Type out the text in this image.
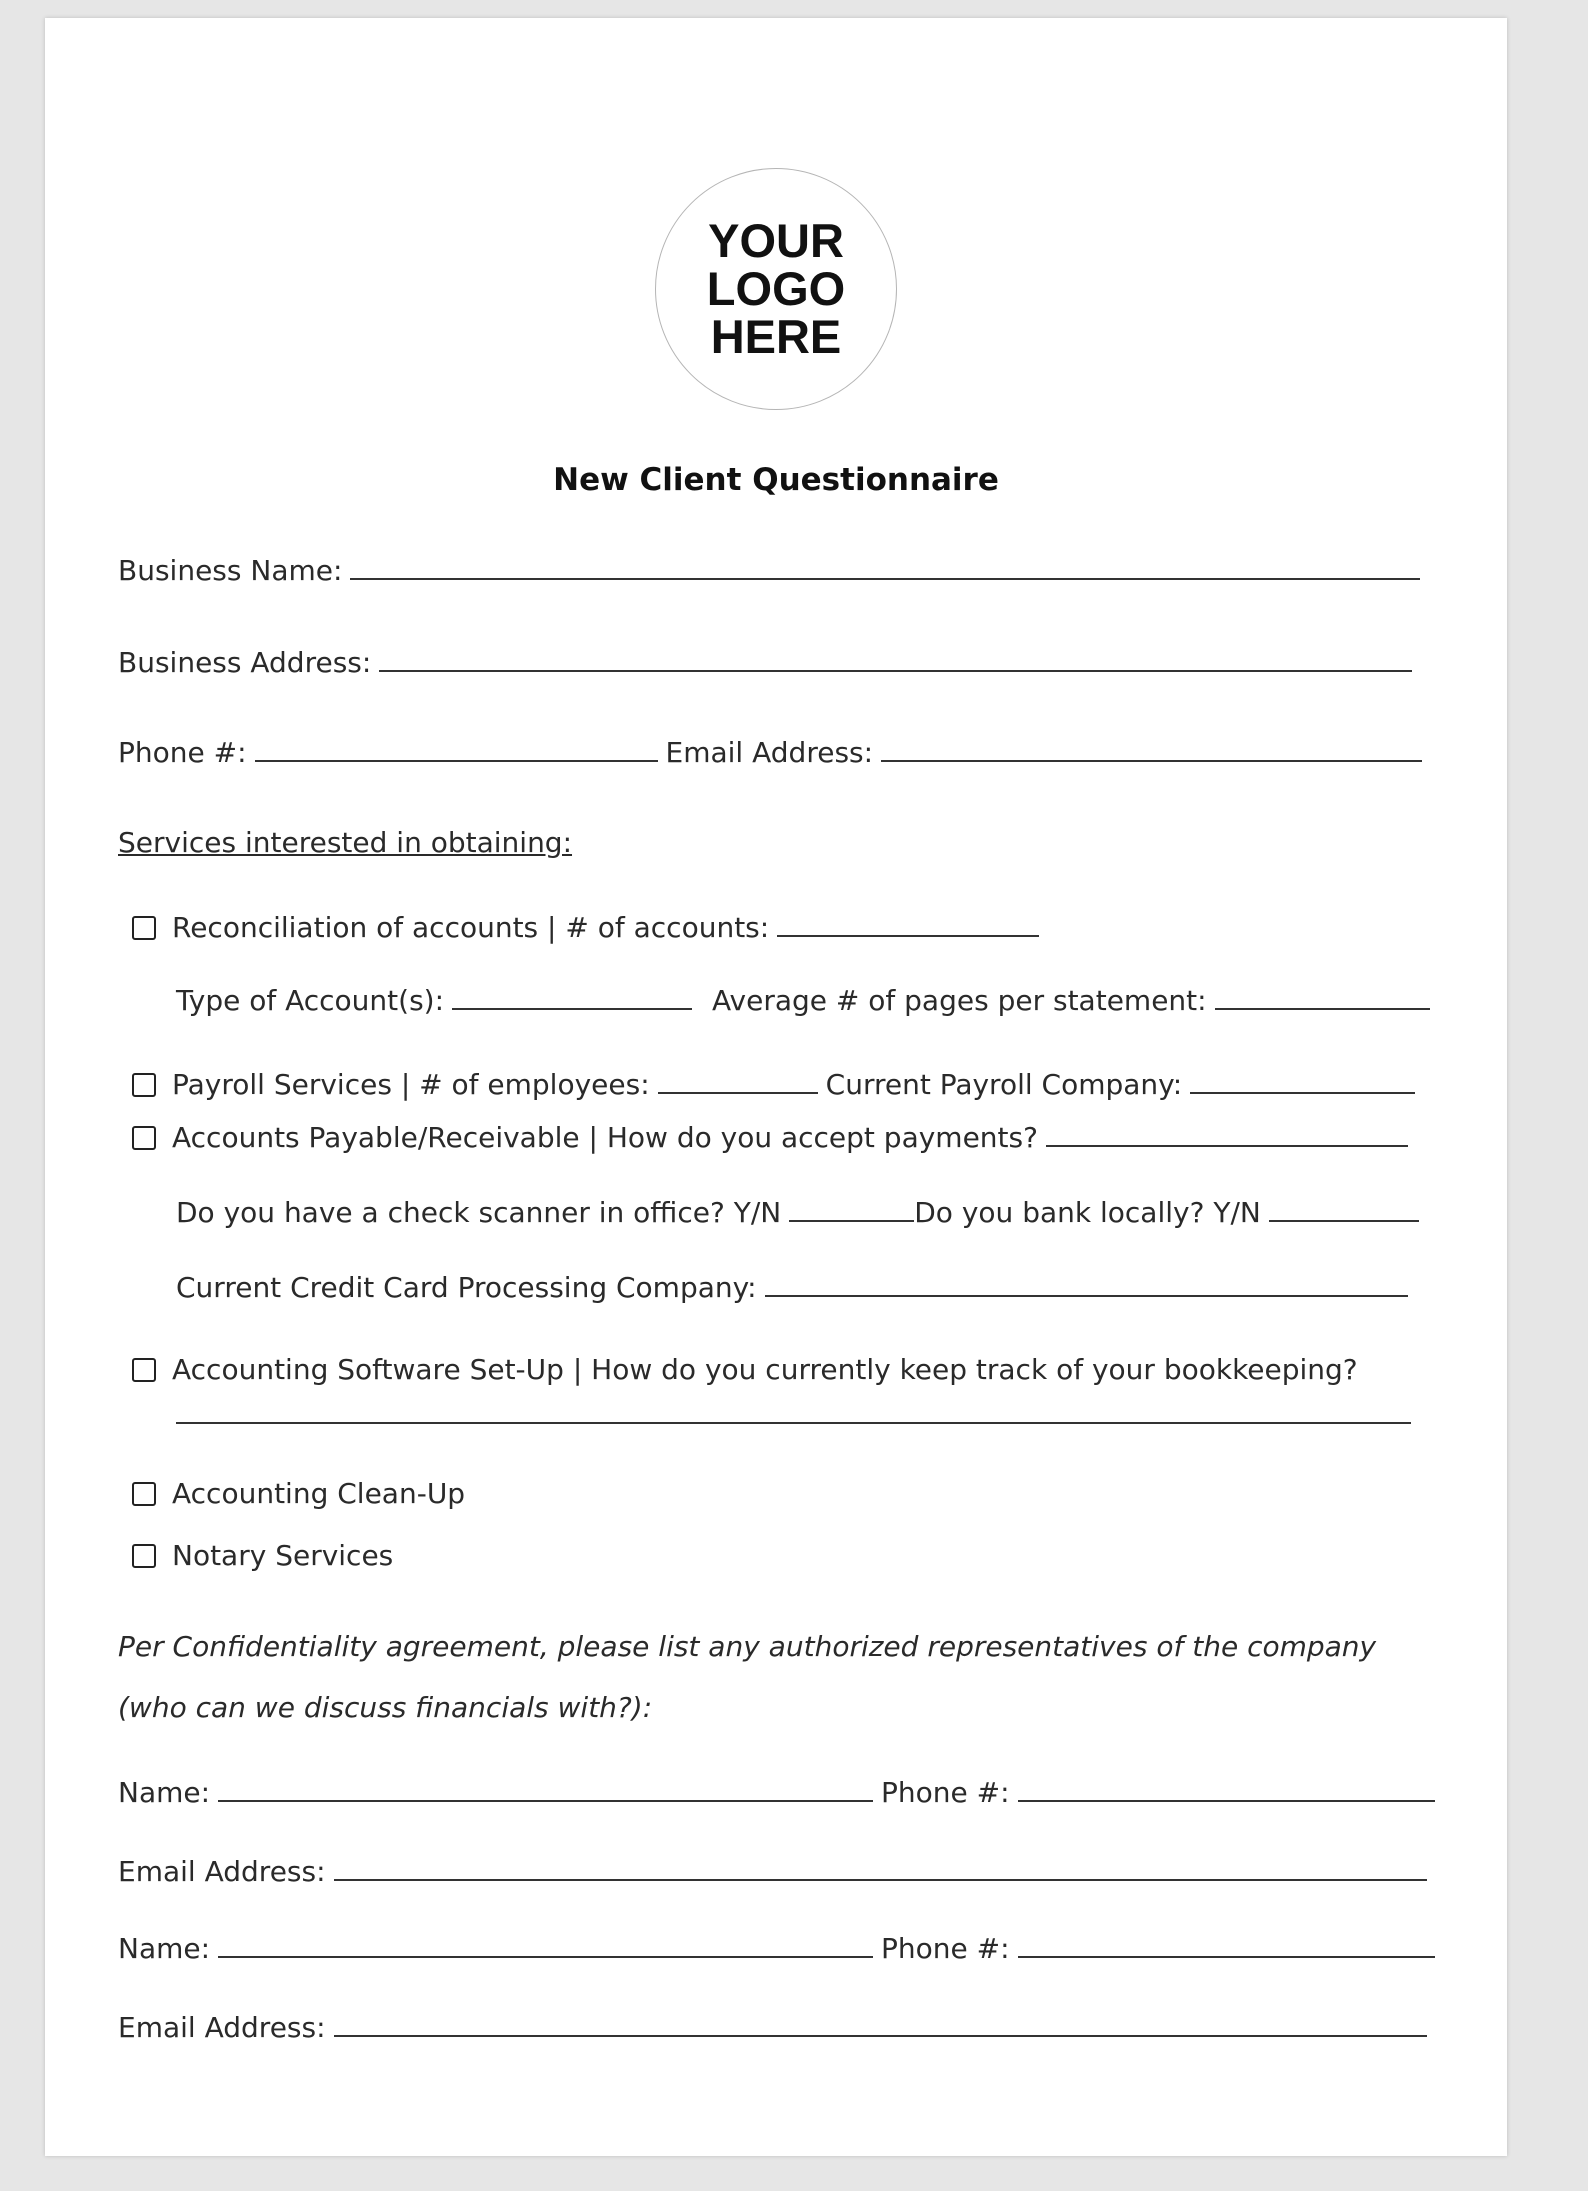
YOUR
LOGO
HERE
New Client Questionnaire
Business Name:
Business Address:
Phone #:	Email Address:
Services interested in obtaining:
Reconciliation of accounts | # of accounts:
Type of Account(s):	Average # of pages per statement:
Payroll Services | # of employees:	Current Payroll Company:
Accounts Payable/Receivable | How do you accept payments?
Do you have a check scanner in office? Y/N	Do you bank locally? Y/N
Current Credit Card Processing Company:
Accounting Software Set-Up | How do you currently keep track of your bookkeeping?
Accounting Clean-Up
Notary Services
Per Confidentiality agreement, please list any authorized representatives of the company
(who can we discuss financials with?):
Name:	Phone #:
Email Address:
Name:	Phone #:
Email Address:
